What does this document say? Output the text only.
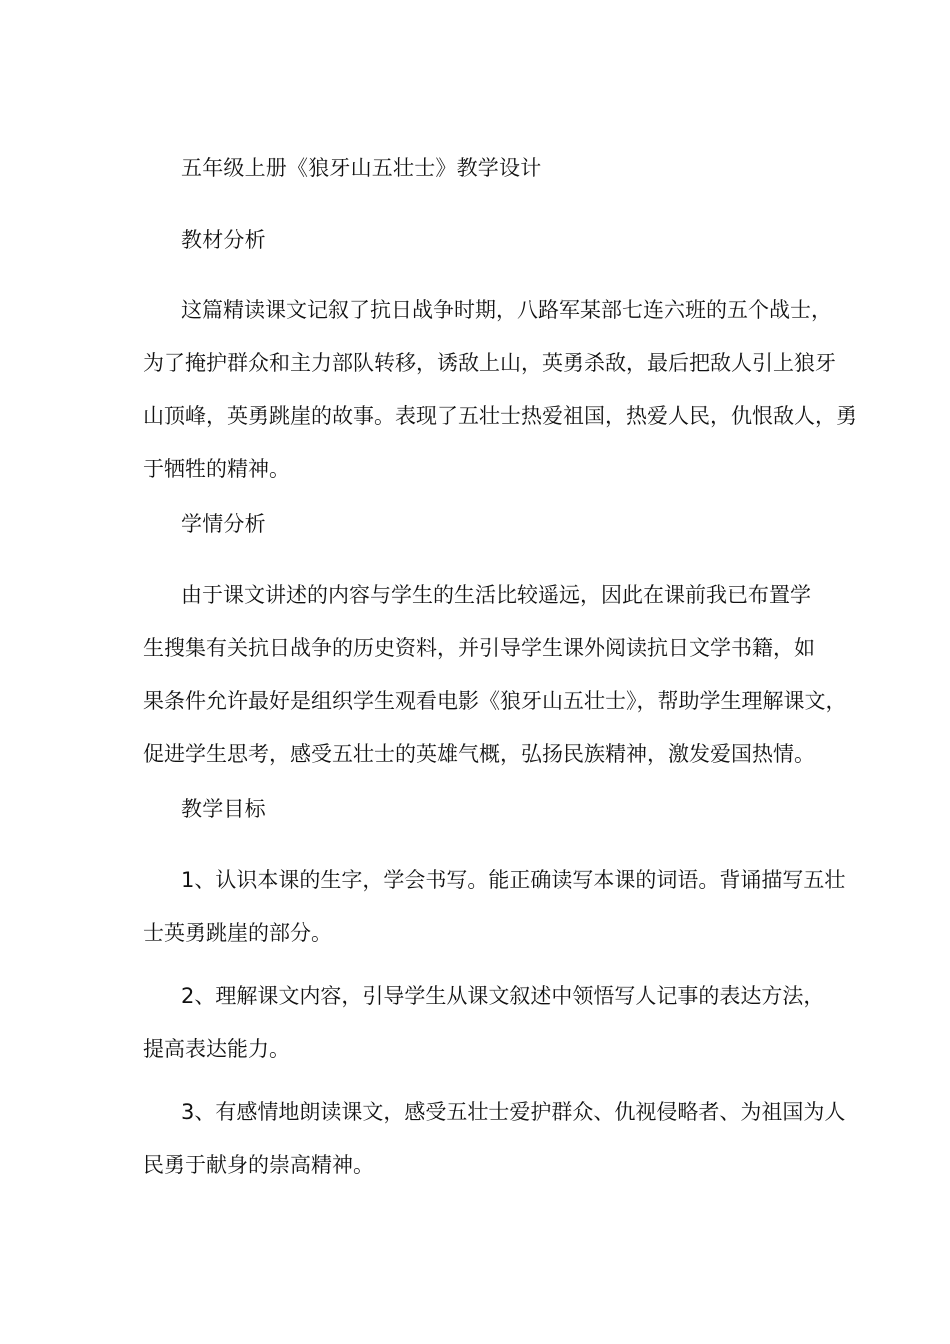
五年级上册《狼牙山五壮士》教学设计
教材分析
这篇精读课文记叙了抗日战争时期，八路军某部七连六班的五个战士，
为了掩护群众和主力部队转移，诱敌上山，英勇杀敌，最后把敌人引上狼牙
山顶峰，英勇跳崖的故事。表现了五壮士热爱祖国，热爱人民，仇恨敌人，勇
于牺牲的精神。
学情分析
由于课文讲述的内容与学生的生活比较遥远，因此在课前我已布置学
生搜集有关抗日战争的历史资料，并引导学生课外阅读抗日文学书籍，如
果条件允许最好是组织学生观看电影《狼牙山五壮士》，帮助学生理解课文，
促进学生思考，感受五壮士的英雄气概，弘扬民族精神，激发爱国热情。
教学目标
1、认识本课的生字，学会书写。能正确读写本课的词语。背诵描写五壮
士英勇跳崖的部分。
2、理解课文内容，引导学生从课文叙述中领悟写人记事的表达方法，
提高表达能力。
3、有感情地朗读课文，感受五壮士爱护群众、仇视侵略者、为祖国为人
民勇于献身的崇高精神。
